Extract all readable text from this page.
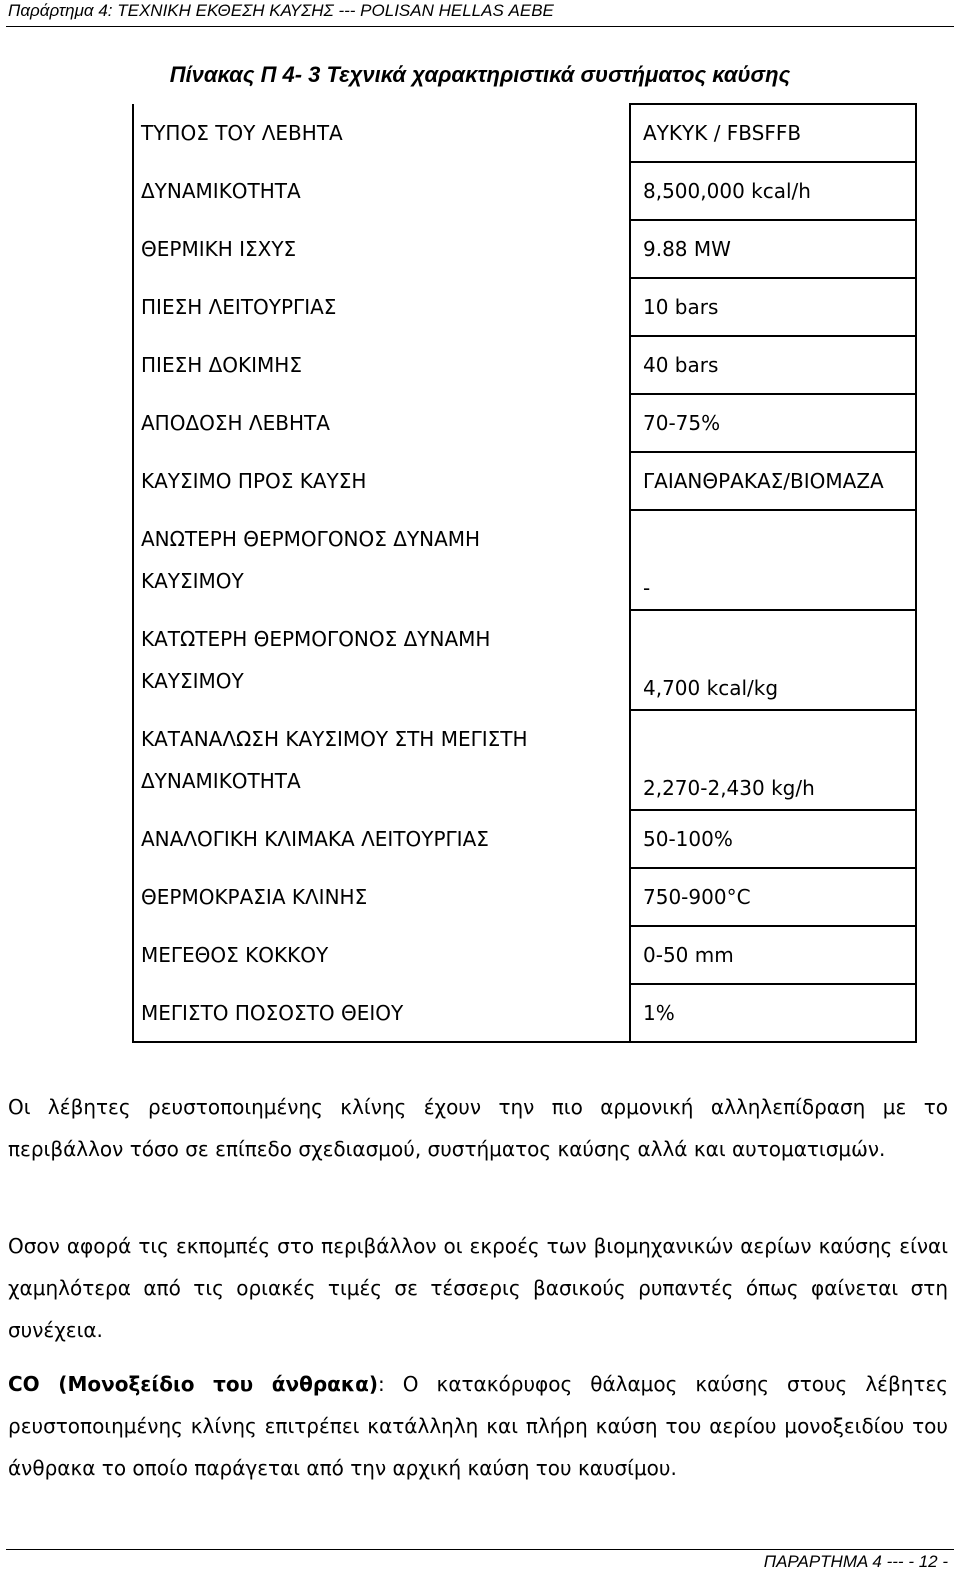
Παράρτημα 4: ΤΕΧΝΙΚΗ ΕΚΘΕΣΗ ΚΑΥΣΗΣ --- POLISAN HELLAS ΑΕΒΕ
Πίνακας Π 4- 3 Τεχνικά χαρακτηριστικά συστήματος καύσης
ΤΥΠΟΣ ΤΟΥ ΛΕΒΗΤΑ	ΑΥΚΥΚ / FBSFFB
ΔΥΝΑΜΙΚΟΤΗΤΑ	8,500,000 kcal/h
ΘΕΡΜΙΚΗ ΙΣΧΥΣ	9.88 MW
ΠΙΕΣΗ ΛΕΙΤΟΥΡΓΙΑΣ	10 bars
ΠΙΕΣΗ ΔΟΚΙΜΗΣ	40 bars
ΑΠΟΔΟΣΗ ΛΕΒΗΤΑ	70-75%
ΚΑΥΣΙΜΟ ΠΡΟΣ ΚΑΥΣΗ	ΓΑΙΑΝΘΡΑΚΑΣ/ΒΙΟΜΑΖΑ

ΑΝΩΤΕΡΗ ΘΕΡΜΟΓΟΝΟΣ ΔΥΝΑΜΗ
ΚΑΥΣΙΜΟΥ	-

ΚΑΤΩΤΕΡΗ ΘΕΡΜΟΓΟΝΟΣ ΔΥΝΑΜΗ
ΚΑΥΣΙΜΟΥ	4,700 kcal/kg

ΚΑΤΑΝΑΛΩΣΗ ΚΑΥΣΙΜΟΥ ΣΤΗ ΜΕΓΙΣΤΗ
ΔΥΝΑΜΙΚΟΤΗΤΑ	2,270-2,430 kg/h
ΑΝΑΛΟΓΙΚΗ ΚΛΙΜΑΚΑ ΛΕΙΤΟΥΡΓΙΑΣ	50-100%
ΘΕΡΜΟΚΡΑΣΙΑ ΚΛΙΝΗΣ	750-900°C
ΜΕΓΕΘΟΣ ΚΟΚΚΟΥ	0-50 mm
ΜΕΓΙΣΤΟ ΠΟΣΟΣΤΟ ΘΕΙΟΥ	1%
Οι λέβητες ρευστοποιημένης κλίνης έχουν την πιο αρμονική αλληλεπίδραση με το περιβάλλον τόσο σε επίπεδο σχεδιασμού, συστήματος καύσης αλλά και αυτοματισμών.
Οσον αφορά τις εκπομπές στο περιβάλλον οι εκροές των βιομηχανικών αερίων καύσης είναι χαμηλότερα από τις οριακές τιμές σε τέσσερις βασικούς ρυπαντές όπως φαίνεται στη συνέχεια.
CO (Μονοξείδιο του άνθρακα): Ο κατακόρυφος θάλαμος καύσης στους λέβητες ρευστοποιημένης κλίνης επιτρέπει κατάλληλη και πλήρη καύση του αερίου μονοξειδίου του άνθρακα το οποίο παράγεται από την αρχική καύση του καυσίμου.
ΠΑΡΑΡΤΗΜΑ 4 --- - 12 -
